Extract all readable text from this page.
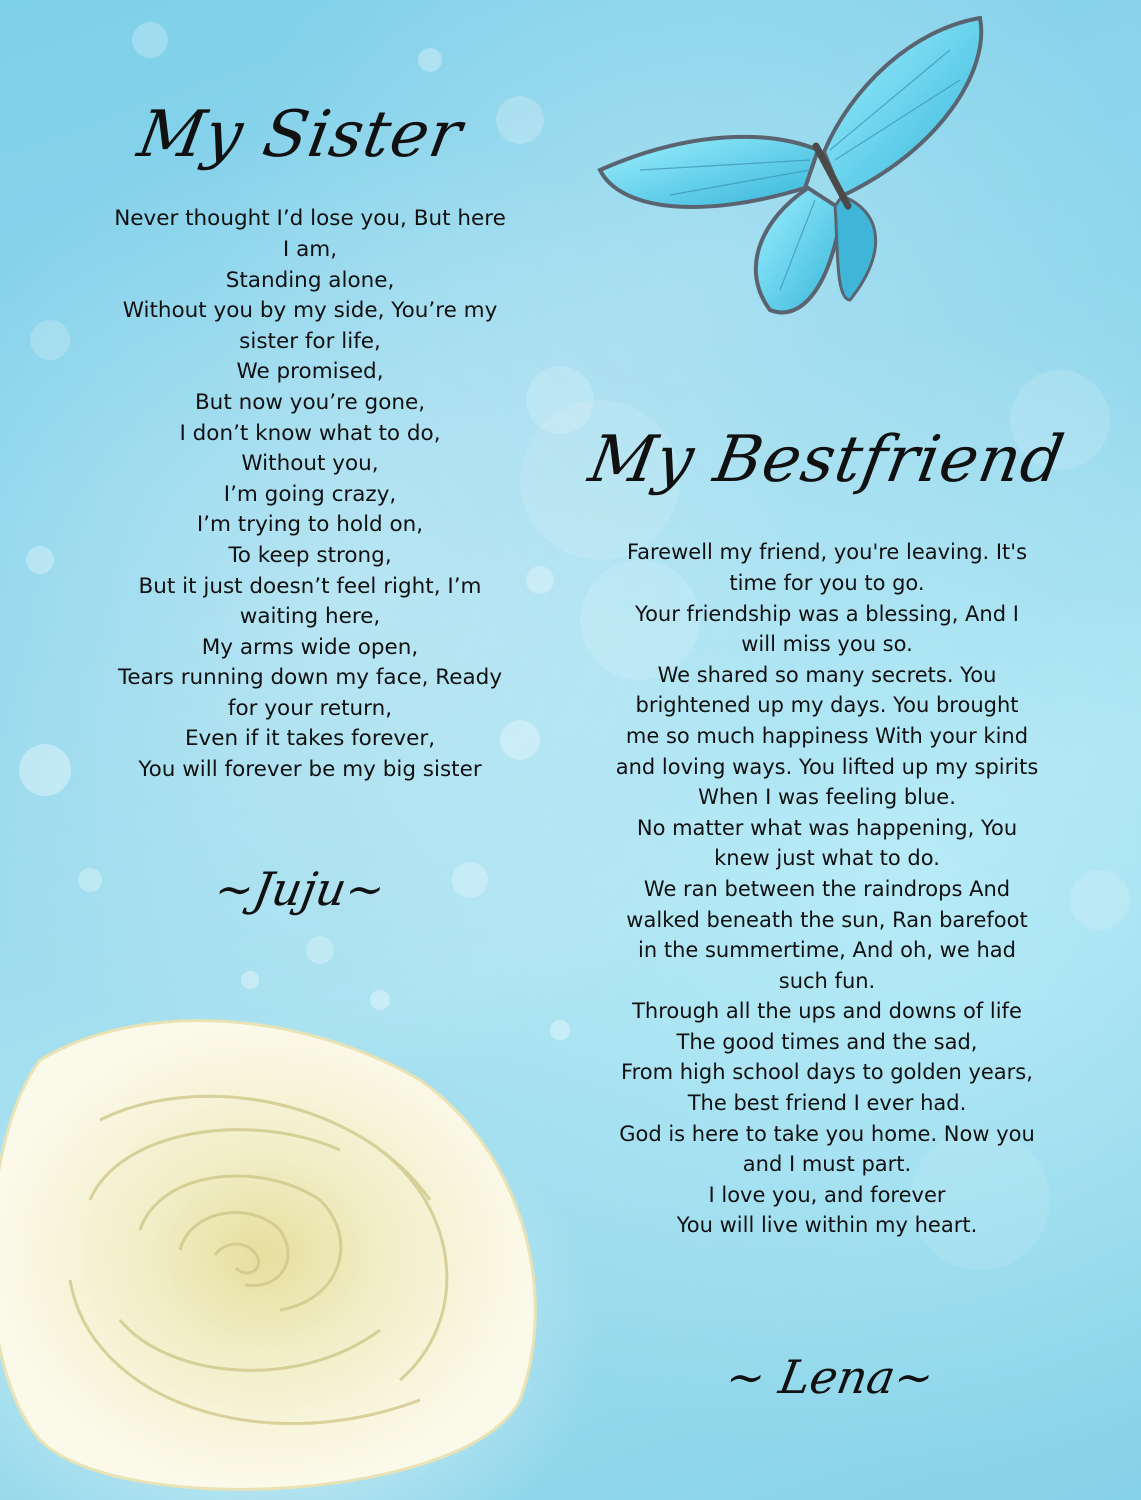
My Sister
Never thought I’d lose you, But here
I am,
Standing alone,
Without you by my side, You’re my
sister for life,
We promised,
But now you’re gone,
I don’t know what to do,
Without you,
I’m going crazy,
I’m trying to hold on,
To keep strong,
But it just doesn’t feel right, I’m
waiting here,
My arms wide open,
Tears running down my face, Ready
for your return,
Even if it takes forever,
You will forever be my big sister
~Juju~
My Bestfriend
Farewell my friend, you're leaving. It's
time for you to go.
Your friendship was a blessing, And I
will miss you so.
We shared so many secrets. You
brightened up my days. You brought
me so much happiness With your kind
and loving ways. You lifted up my spirits
When I was feeling blue.
No matter what was happening, You
knew just what to do.
We ran between the raindrops And
walked beneath the sun, Ran barefoot
in the summertime, And oh, we had
such fun.
Through all the ups and downs of life
The good times and the sad,
From high school days to golden years,
The best friend I ever had.
God is here to take you home. Now you
and I must part.
I love you, and forever
You will live within my heart.
~ Lena~
